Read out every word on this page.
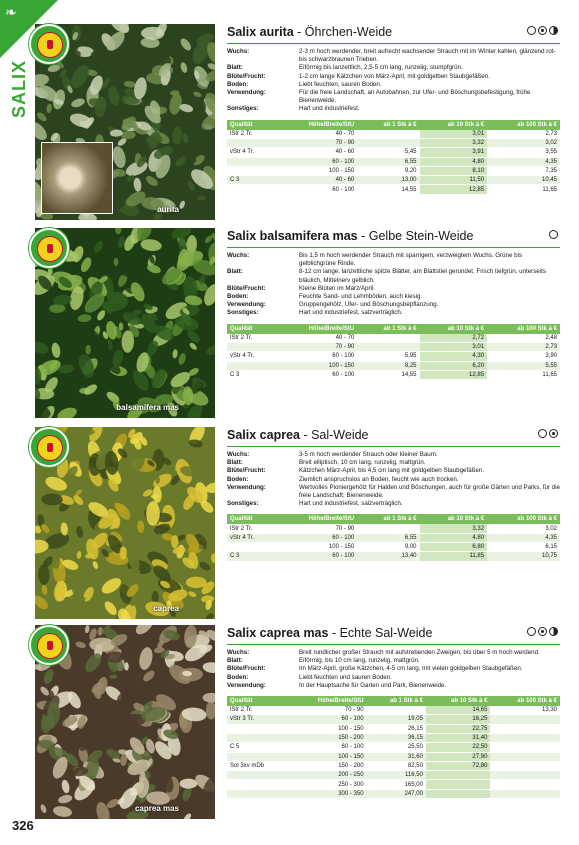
❧
SALIX
aurita
Salix aurita - Öhrchen-Weide
Wuchs:	2-3 m hoch werdender, breit aufrecht wachsender Strauch mit im Winter kahlen, glänzend rot- bis schwarzbraunen Trieben.
Blatt:	Eiförmig bis lanzettlich, 2,5-5 cm lang, runzelig, stumpfgrün.
Blüte/Frucht:	1-2 cm lange Kätzchen von März-April, mit goldgelben Staubgefäßen.
Boden:	Liebt feuchten, sauren Boden.
Verwendung:	Für die freie Landschaft, an Autobahnen, zur Ufer- und Böschungsbefestigung, frühe Bienenweide.
Sonstiges:	Hart und industriefest.
Qualität	Höhe/Breite/StU	ab 1 Stk à €	ab 10 Stk à €	ab 100 Stk à €
lStr 2 Tr.	40 - 70		3,01	2,73
	70 - 90		3,32	3,02
vStr 4 Tr.	40 - 60	5,45	3,91	3,55
	60 - 100	6,55	4,80	4,35
	100 - 150	9,20	8,10	7,35
C 3	40 - 60	13,00	11,50	10,45
	60 - 100	14,55	12,85	11,65
balsamifera mas
Salix balsamifera mas - Gelbe Stein-Weide
Wuchs:	Bis 1,5 m hoch werdender Strauch mit sparrigem, verzweigtem Wuchs. Grüne bis gelblichgrüne Rinde.
Blatt:	8-12 cm lange, lanzettliche spitze Blätter, am Blattstiel gerundet. Frisch tiefgrün, unterseits bläulich, Mittelnerv gelblich.
Blüte/Frucht:	Kleine Blüten im März/April.
Boden:	Feuchte Sand- und Lehmböden, auch kiesig.
Verwendung:	Gruppengehölz, Ufer- und Böschungsbepflanzung.
Sonstiges:	Hart und industriefest, salzverträglich.
Qualität	Höhe/Breite/StU	ab 1 Stk à €	ab 10 Stk à €	ab 100 Stk à €
lStr 2 Tr.	40 - 70		2,72	2,48
	70 - 90		3,01	2,73
vStr 4 Tr.	60 - 100	5,95	4,30	3,90
	100 - 150	8,25	6,20	5,55
C 3	60 - 100	14,55	12,85	11,65
caprea
Salix caprea - Sal-Weide
Wuchs:	3-5 m hoch werdender Strauch oder kleiner Baum.
Blatt:	Breit elliptisch, 10 cm lang, runzelig, mattgrün.
Blüte/Frucht:	Kätzchen März-April, bis 4,5 cm lang mit goldgelben Staubgefäßen.
Boden:	Ziemlich anspruchslos an Boden, feucht wie auch trocken.
Verwendung:	Wertvolles Pioniergehölz für Halden und Böschungen, auch für große Gärten und Parks, für die freie Landschaft; Bienenweide.
Sonstiges:	Hart und industriefest, salzverträglich.
Qualität	Höhe/Breite/StU	ab 1 Stk à €	ab 10 Stk à €	ab 100 Stk à €
lStr 2 Tr.	70 - 90		3,32	3,02
vStr 4 Tr.	60 - 100	6,55	4,80	4,35
	100 - 150	9,00	6,80	6,15
C 3	60 - 100	13,40	11,85	10,75
caprea mas
Salix caprea mas - Echte Sal-Weide
Wuchs:	Breit rundlicher großer Strauch mit aufstrebenden Zweigen, bis über 5 m hoch werdend.
Blatt:	Eiförmig, bis 10 cm lang, runzelig, mattgrün.
Blüte/Frucht:	Im März-April, große Kätzchen, 4-5 cm lang, mit vielen goldgelben Staubgefäßen.
Boden:	Liebt feuchten und sauren Boden.
Verwendung:	In der Hauptsache für Garten und Park, Bienenweide.
Qualität	Höhe/Breite/StU	ab 1 Stk à €	ab 10 Stk à €	ab 100 Stk à €
lStr 2 Tr.	70 - 90		14,65	13,30
vStr 3 Tr.	60 - 100	19,05	16,25	
	100 - 150	26,15	22,75	
	150 - 200	36,15	31,40	
C 5	60 - 100	25,50	22,50	
	100 - 150	31,60	27,90	
Sol 3xv mDb	150 - 200	82,50	72,80	
	200 - 250	116,50		
	250 - 300	165,00		
	300 - 350	247,00		
326
